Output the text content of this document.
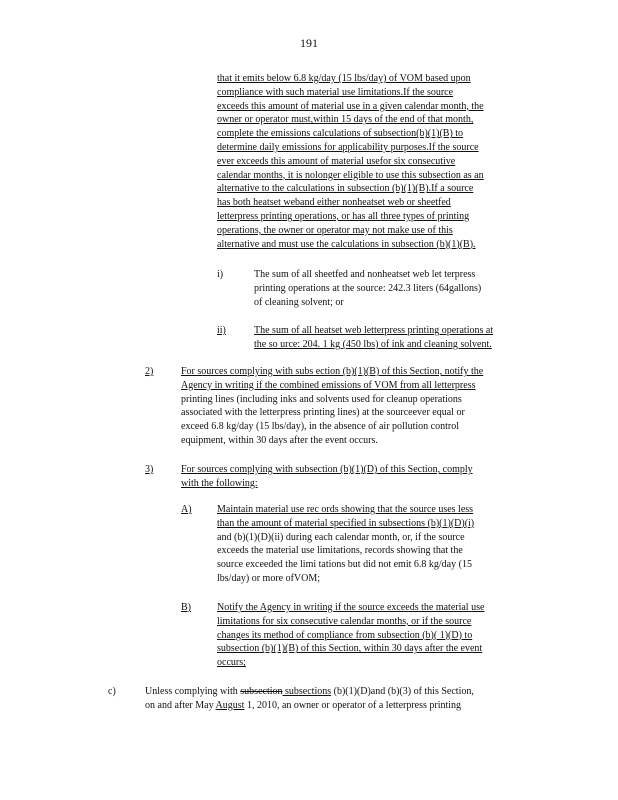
191
that it emits below 6.8 kg/day (15 lbs/day) of VOM based upon
compliance with such material use limitations.If the source
exceeds this amount of material use in a given calendar month, the
owner or operator must,within 15 days of the end of that month,
complete the emissions calculations of subsection(b)(1)(B) to
determine daily emissions for applicability purposes.If the source
ever exceeds this amount of material usefor six consecutive
calendar months, it is nolonger eligible to use this subsection as an
alternative to the calculations in subsection (b)(1)(B).If a source
has both heatset weband either nonheatset web or sheetfed
letterpress printing operations, or has all three types of printing
operations, the owner or operator may not make use of this
alternative and must use the calculations in subsection (b)(1)(B).
i)	The sum of all sheetfed and nonheatset web let terpress
printing operations at the source: 242.3 liters (64gallons)
of cleaning solvent; or
ii)	The sum of all heatset web letterpress printing operations at
the so urce: 204. 1 kg (450 lbs) of ink and cleaning solvent.
2)	For sources complying with subs ection (b)(1)(B) of this Section, notify the
Agency in writing if the combined emissions of VOM from all letterpress
printing lines (including inks and solvents used for cleanup operations
associated with the letterpress printing lines) at the sourceever equal or
exceed 6.8 kg/day (15 lbs/day), in the absence of air pollution control
equipment, within 30 days after the event occurs.
3)	For sources complying with subsection (b)(1)(D) of this Section, comply
with the following:
A)	Maintain material use rec ords showing that the source uses less
than the amount of material specified in subsections (b)(1)(D)(i)
and (b)(1)(D)(ii) during each calendar month, or, if the source
exceeds the material use limitations, records showing that the
source exceeded the limi tations but did not emit 6.8 kg/day (15
lbs/day) or more ofVOM;
B)	Notify the Agency in writing if the source exceeds the material use
limitations for six consecutive calendar months, or if the source
changes its method of compliance from subsection (b)( 1)(D) to
subsection (b)(1)(B) of this Section, within 30 days after the event
occurs;
c)	Unless complying with subsection subsections (b)(1)(D)and (b)(3) of this Section,
on and after May August 1, 2010, an owner or operator of a letterpress printing
